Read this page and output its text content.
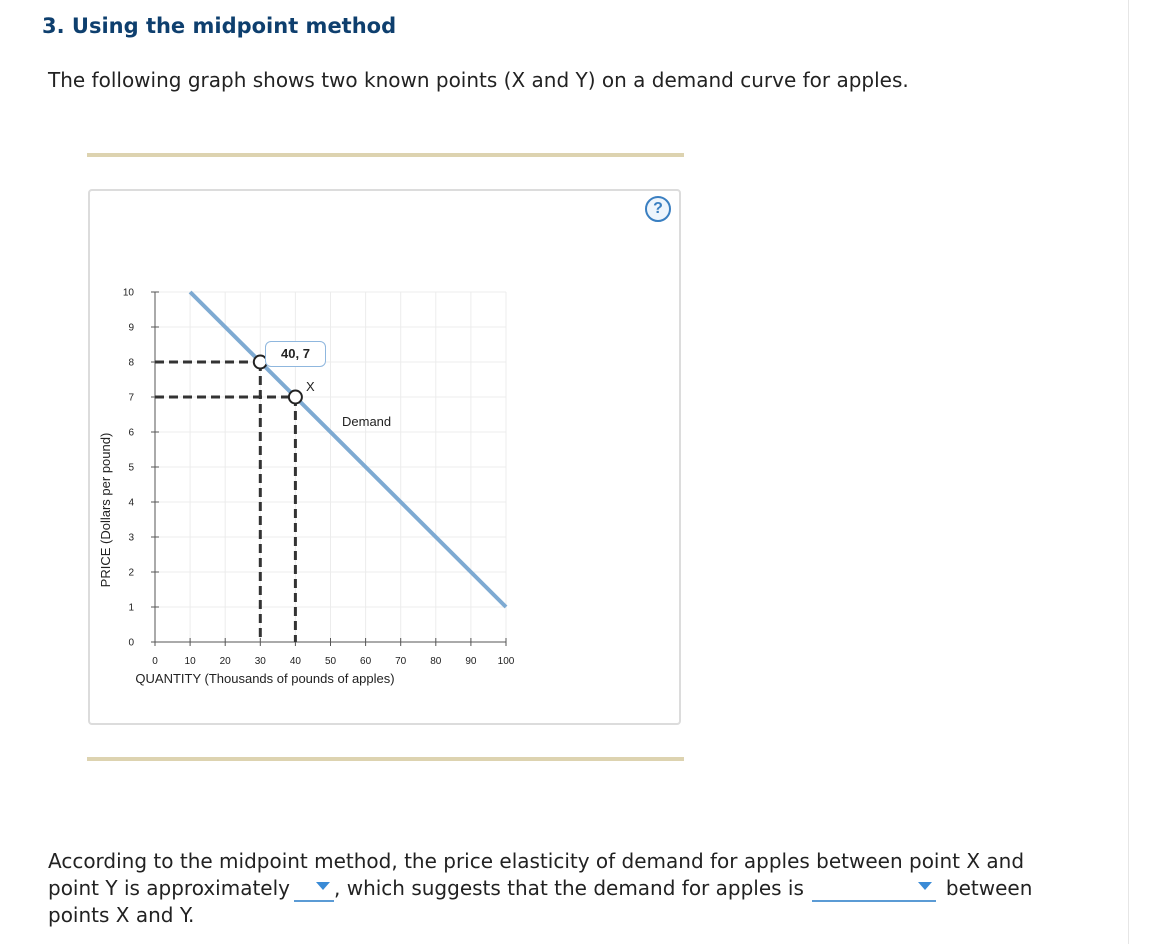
3. Using the midpoint method
The following graph shows two known points (X and Y) on a demand curve for apples.
0
1
2
3
4
5
6
7
8
9
10
0	10 20 30 40 50 60 70 80 90 100
PRICE (Dollars per pound)
QUANTITY (Thousands of pounds of apples)
Demand
X
?
40, 7
According to the midpoint method, the price elasticity of demand for apples between point X and
point Y is approximately , which suggests that the demand for apples is	between
points X and Y.
